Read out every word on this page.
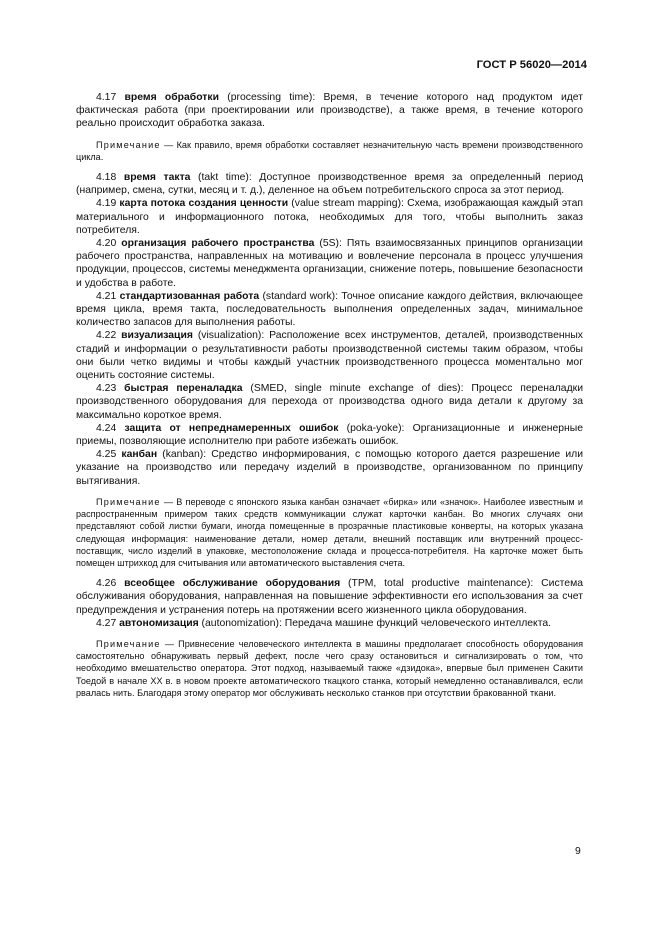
ГОСТ Р 56020—2014

4.17 время обработки (processing time): Время, в течение которого над продуктом идет фактическая работа (при проектировании или производстве), а также время, в течение которого реально происходит обработка заказа.

Примечание — Как правило, время обработки составляет незначительную часть времени производственного цикла.

4.18 время такта (takt time): Доступное производственное время за определенный период (например, смена, сутки, месяц и т. д.), деленное на объем потребительского спроса за этот период.

4.19 карта потока создания ценности (value stream mapping): Схема, изображающая каждый этап материального и информационного потока, необходимых для того, чтобы выполнить заказ потребителя.

4.20 организация рабочего пространства (5S): Пять взаимосвязанных принципов организации рабочего пространства, направленных на мотивацию и вовлечение персонала в процесс улучшения продукции, процессов, системы менеджмента организации, снижение потерь, повышение безопасности и удобства в работе.

4.21 стандартизованная работа (standard work): Точное описание каждого действия, включающее время цикла, время такта, последовательность выполнения определенных задач, минимальное количество запасов для выполнения работы.

4.22 визуализация (visualization): Расположение всех инструментов, деталей, производственных стадий и информации о результативности работы производственной системы таким образом, чтобы они были четко видимы и чтобы каждый участник производственного процесса моментально мог оценить состояние системы.

4.23 быстрая переналадка (SMED, single minute exchange of dies): Процесс переналадки производственного оборудования для перехода от производства одного вида детали к другому за максимально короткое время.

4.24 защита от непреднамеренных ошибок (poka-yoke): Организационные и инженерные приемы, позволяющие исполнителю при работе избежать ошибок.

4.25 канбан (kanban): Средство информирования, с помощью которого дается разрешение или указание на производство или передачу изделий в производстве, организованном по принципу вытягивания.

Примечание — В переводе с японского языка канбан означает «бирка» или «значок». Наиболее известным и распространенным примером таких средств коммуникации служат карточки канбан. Во многих случаях они представляют собой листки бумаги, иногда помещенные в прозрачные пластиковые конверты, на которых указана следующая информация: наименование детали, номер детали, внешний поставщик или внутренний процесс-поставщик, число изделий в упаковке, местоположение склада и процесса-потребителя. На карточке может быть помещен штрихкод для считывания или автоматического выставления счета.

4.26 всеобщее обслуживание оборудования (TPM, total productive maintenance): Система обслуживания оборудования, направленная на повышение эффективности его использования за счет предупреждения и устранения потерь на протяжении всего жизненного цикла оборудования.

4.27 автономизация (autonomization): Передача машине функций человеческого интеллекта.

Примечание — Привнесение человеческого интеллекта в машины предполагает способность оборудования самостоятельно обнаруживать первый дефект, после чего сразу остановиться и сигнализировать о том, что необходимо вмешательство оператора. Этот подход, называемый также «дзидока», впервые был применен Сакити Тоедой в начале XX в. в новом проекте автоматического ткацкого станка, который немедленно останавливался, если рвалась нить. Благодаря этому оператор мог обслуживать несколько станков при отсутствии бракованной ткани.

9
